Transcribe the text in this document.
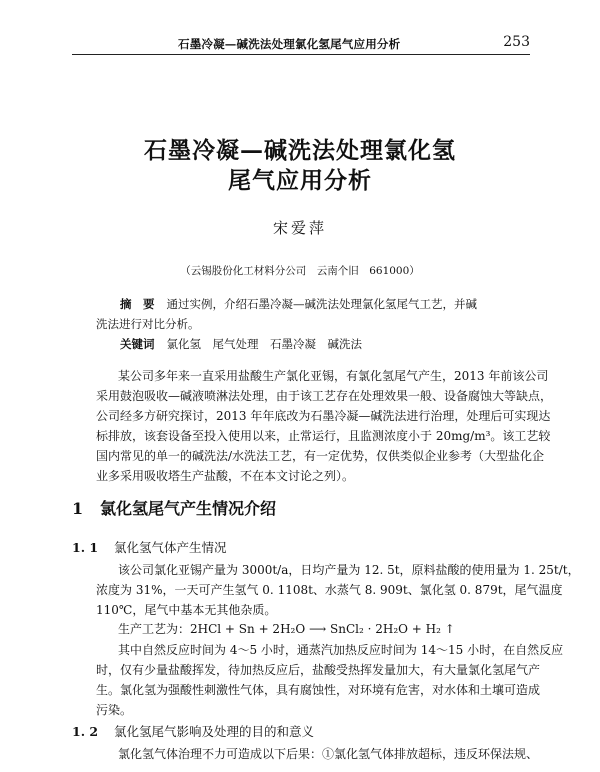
石墨冷凝—碱洗法处理氯化氢尾气应用分析	253
石墨冷凝—碱洗法处理氯化氢
尾气应用分析
宋爱萍
（云锡股份化工材料分公司　云南个旧　661000）
摘　要 通过实例，介绍石墨冷凝—碱洗法处理氯化氢尾气工艺，并碱
洗法进行对比分析。
关键词 氯化氢　尾气处理　石墨冷凝　碱洗法
某公司多年来一直采用盐酸生产氯化亚锡，有氯化氢尾气产生，2013 年前该公司
采用鼓泡吸收—碱液喷淋法处理，由于该工艺存在处理效果一般、设备腐蚀大等缺点，
公司经多方研究探讨，2013 年年底改为石墨冷凝—碱洗法进行治理，处理后可实现达
标排放，该套设备至投入使用以来，止常运行，且监测浓度小于 20mg/m³。该工艺较
国内常见的单一的碱洗法/水洗法工艺，有一定优势，仅供类似企业参考（大型盐化企
业多采用吸收塔生产盐酸，不在本文讨论之列）。
1 氯化氢尾气产生情况介绍
1. 1 氯化氢气体产生情况
该公司氯化亚锡产量为 3000t/a，日均产量为 12. 5t，原料盐酸的使用量为 1. 25t/t，
浓度为 31%，一天可产生氢气 0. 1108t、水蒸气 8. 909t、氯化氢 0. 879t，尾气温度
110℃，尾气中基本无其他杂质。
生产工艺为：2HCl + Sn + 2H₂O ⟶ SnCl₂ · 2H₂O + H₂ ↑
其中自然反应时间为 4～5 小时，通蒸汽加热反应时间为 14～15 小时，在自然反应
时，仅有少量盐酸挥发，待加热反应后，盐酸受热挥发量加大，有大量氯化氢尾气产
生。氯化氢为强酸性刺激性气体，具有腐蚀性，对环境有危害，对水体和土壤可造成
污染。
1. 2 氯化氢尾气影响及处理的目的和意义
氯化氢气体治理不力可造成以下后果：①氯化氢气体排放超标，违反环保法规、
